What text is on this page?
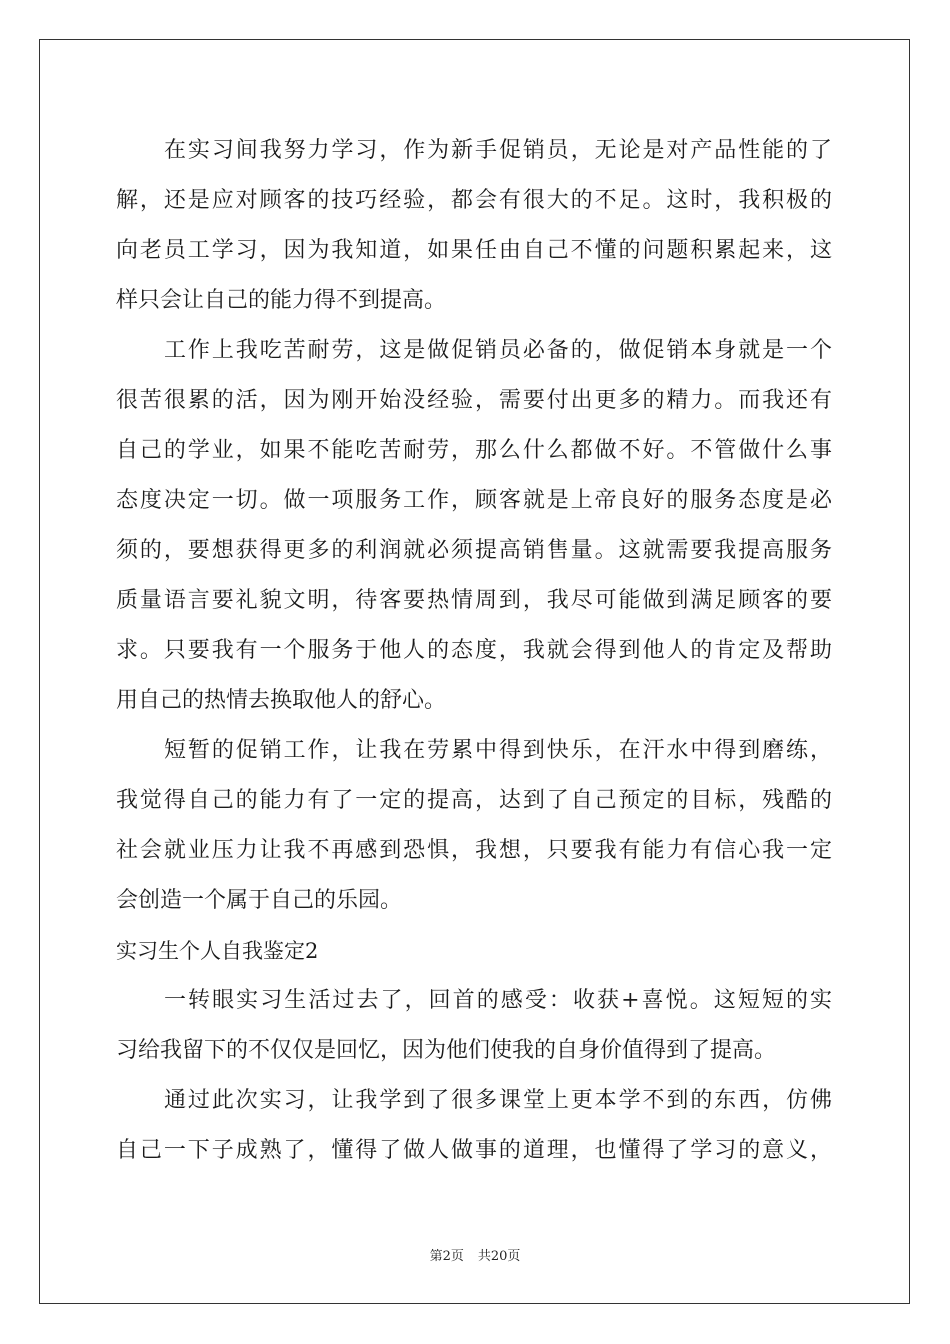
在实习间我努力学习，作为新手促销员，无论是对产品性能的了
解，还是应对顾客的技巧经验，都会有很大的不足。这时，我积极的
向老员工学习，因为我知道，如果任由自己不懂的问题积累起来，这
样只会让自己的能力得不到提高。
工作上我吃苦耐劳，这是做促销员必备的，做促销本身就是一个
很苦很累的活，因为刚开始没经验，需要付出更多的精力。而我还有
自己的学业，如果不能吃苦耐劳，那么什么都做不好。不管做什么事
态度决定一切。做一项服务工作，顾客就是上帝良好的服务态度是必
须的，要想获得更多的利润就必须提高销售量。这就需要我提高服务
质量语言要礼貌文明，待客要热情周到，我尽可能做到满足顾客的要
求。只要我有一个服务于他人的态度，我就会得到他人的肯定及帮助
用自己的热情去换取他人的舒心。
短暂的促销工作，让我在劳累中得到快乐，在汗水中得到磨练，
我觉得自己的能力有了一定的提高，达到了自己预定的目标，残酷的
社会就业压力让我不再感到恐惧，我想，只要我有能力有信心我一定
会创造一个属于自己的乐园。
实习生个人自我鉴定2
一转眼实习生活过去了，回首的感受：收获+喜悦。这短短的实
习给我留下的不仅仅是回忆，因为他们使我的自身价值得到了提高。
通过此次实习，让我学到了很多课堂上更本学不到的东西，仿佛
自己一下子成熟了，懂得了做人做事的道理，也懂得了学习的意义，
第2页 共20页
